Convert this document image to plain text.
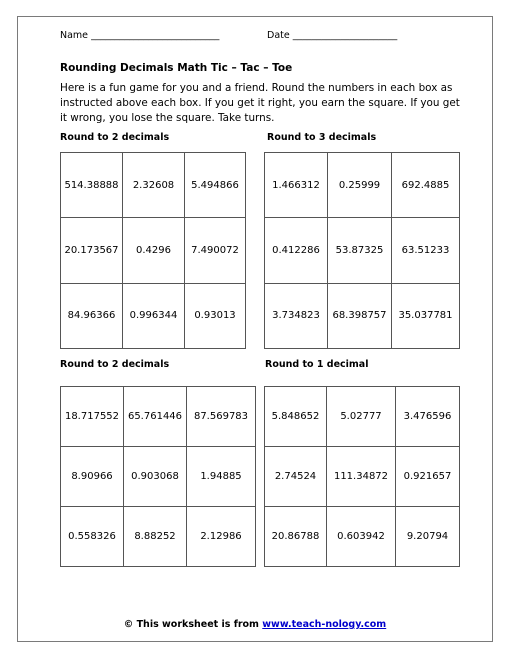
Name ___________________________	Date ______________________
Rounding Decimals Math Tic – Tac – Toe
Here is a fun game for you and a friend. Round the numbers in each box as instructed above each box. If you get it right, you earn the square. If you get it wrong, you lose the square. Take turns.
Round to 2 decimals
514.38888	2.32608	5.494866
20.173567	0.4296	7.490072
84.96366	0.996344	0.93013
Round to 3 decimals
1.466312	0.25999	692.4885
0.412286	53.87325	63.51233
3.734823	68.398757	35.037781
Round to 2 decimals
18.717552	65.761446	87.569783
8.90966	0.903068	1.94885
0.558326	8.88252	2.12986
Round to 1 decimal
5.848652	5.02777	3.476596
2.74524	111.34872	0.921657
20.86788	0.603942	9.20794
© This worksheet is from www.teach-nology.com
